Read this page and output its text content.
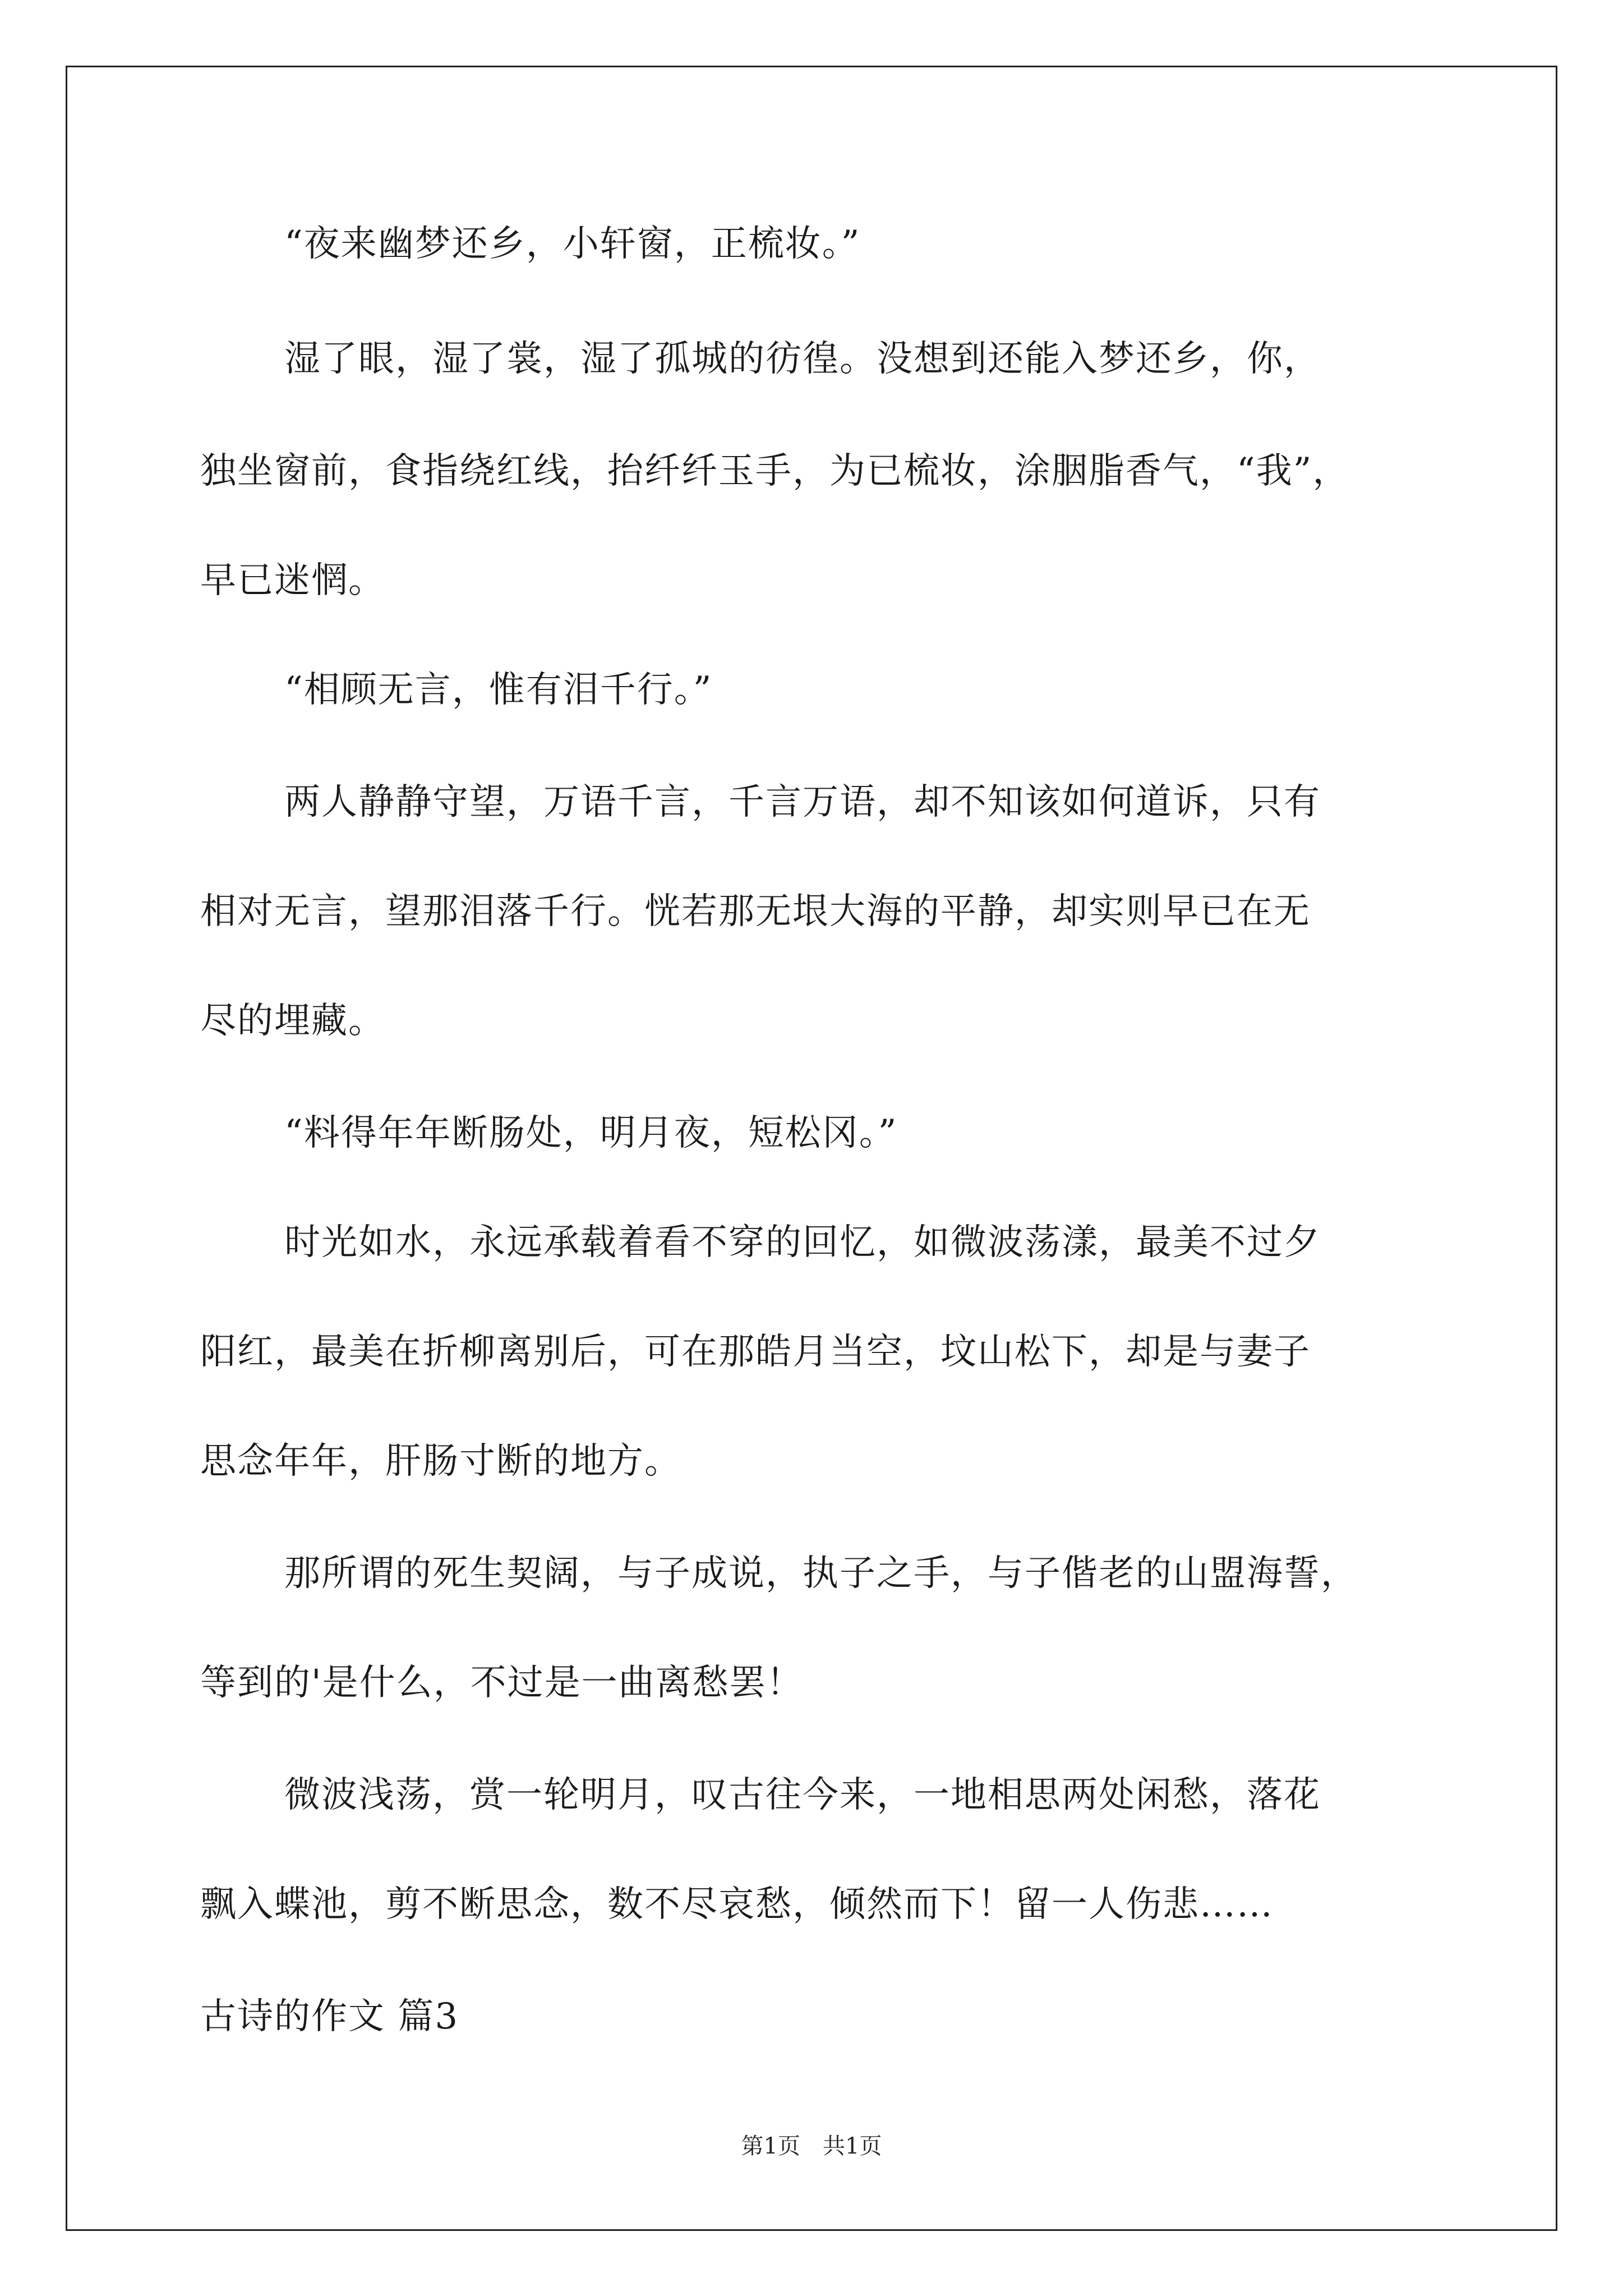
“夜来幽梦还乡，小轩窗，正梳妆。”
湿了眼，湿了裳，湿了孤城的彷徨。没想到还能入梦还乡，你，
独坐窗前，食指绕红线，抬纤纤玉手，为已梳妆，涂胭脂香气，“我”，
早已迷惘。
“相顾无言，惟有泪千行。”
两人静静守望，万语千言，千言万语，却不知该如何道诉，只有
相对无言，望那泪落千行。恍若那无垠大海的平静，却实则早已在无
尽的埋藏。
“料得年年断肠处，明月夜，短松冈。”
时光如水，永远承载着看不穿的回忆，如微波荡漾，最美不过夕
阳红，最美在折柳离别后，可在那皓月当空，坟山松下，却是与妻子
思念年年，肝肠寸断的地方。
那所谓的死生契阔，与子成说，执子之手，与子偕老的山盟海誓，
等到的'是什么，不过是一曲离愁罢！
微波浅荡，赏一轮明月，叹古往今来，一地相思两处闲愁，落花
飘入蝶池，剪不断思念，数不尽哀愁，倾然而下！留一人伤悲……
古诗的作文 篇3
第1页 共1页
